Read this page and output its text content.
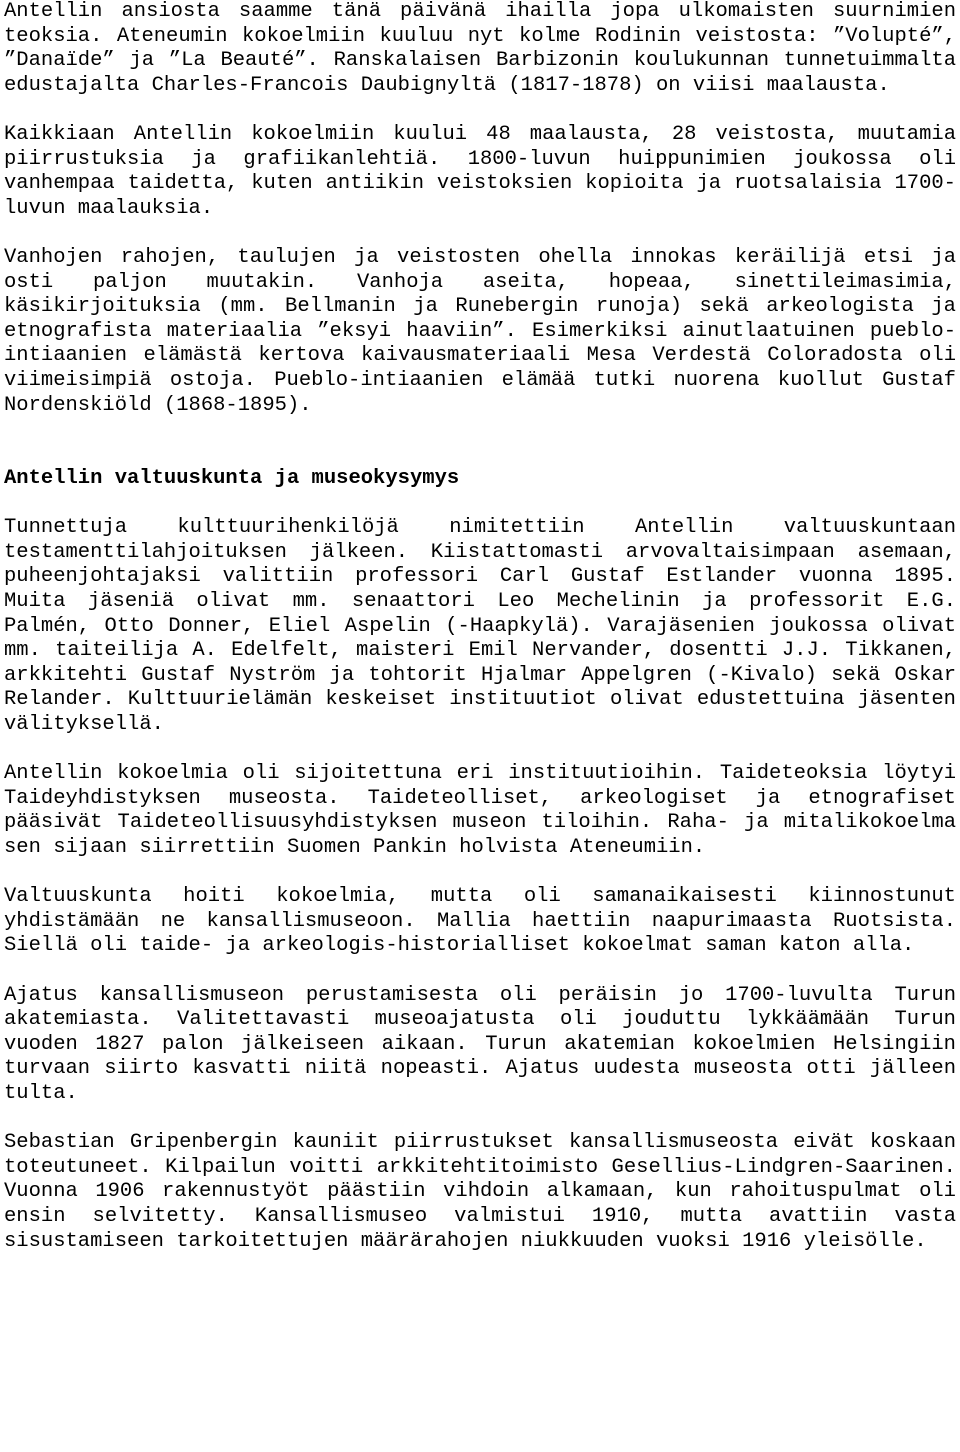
Antellin ansiosta saamme tänä päivänä ihailla jopa ulkomaisten suurnimien teoksia. Ateneumin kokoelmiin kuuluu nyt kolme Rodinin veistosta: ”Volupté”, ”Danaïde” ja ”La Beauté”. Ranskalaisen Barbizonin koulukunnan tunnetuimmalta edustajalta Charles-Francois Daubignyltä (1817-1878) on viisi maalausta.

Kaikkiaan Antellin kokoelmiin kuului 48 maalausta, 28 veistosta, muutamia piirrustuksia ja grafiikanlehtiä. 1800-luvun huippunimien joukossa oli vanhempaa taidetta, kuten antiikin veistoksien kopioita ja ruotsalaisia 1700-luvun maalauksia.

Vanhojen rahojen, taulujen ja veistosten ohella innokas keräilijä etsi ja osti paljon muutakin. Vanhoja aseita, hopeaa, sinettileimasimia, käsikirjoituksia (mm. Bellmanin ja Runebergin runoja) sekä arkeologista ja etnografista materiaalia ”eksyi haaviin”. Esimerkiksi ainutlaatuinen pueblo-intiaanien elämästä kertova kaivausmateriaali Mesa Verdestä Coloradosta oli viimeisimpiä ostoja. Pueblo-intiaanien elämää tutki nuorena kuollut Gustaf Nordenskiöld (1868-1895).

Antellin valtuuskunta ja museokysymys

Tunnettuja kulttuurihenkilöjä nimitettiin Antellin valtuuskuntaan testamenttilahjoituksen jälkeen. Kiistattomasti arvovaltaisimpaan asemaan, puheenjohtajaksi valittiin professori Carl Gustaf Estlander vuonna 1895. Muita jäseniä olivat mm. senaattori Leo Mechelinin ja professorit E.G. Palmén, Otto Donner, Eliel Aspelin (-Haapkylä). Varajäsenien joukossa olivat mm. taiteilija A. Edelfelt, maisteri Emil Nervander, dosentti J.J. Tikkanen, arkkitehti Gustaf Nyström ja tohtorit Hjalmar Appelgren (-Kivalo) sekä Oskar Relander. Kulttuurielämän keskeiset instituutiot olivat edustettuina jäsenten välityksellä.

Antellin kokoelmia oli sijoitettuna eri instituutioihin. Taideteoksia löytyi Taideyhdistyksen museosta. Taideteolliset, arkeologiset ja etnografiset pääsivät Taideteollisuusyhdistyksen museon tiloihin. Raha- ja mitalikokoelma sen sijaan siirrettiin Suomen Pankin holvista Ateneumiin.

Valtuuskunta hoiti kokoelmia, mutta oli samanaikaisesti kiinnostunut yhdistämään ne kansallismuseoon. Mallia haettiin naapurimaasta Ruotsista. Siellä oli taide- ja arkeologis-historialliset kokoelmat saman katon alla.

Ajatus kansallismuseon perustamisesta oli peräisin jo 1700-luvulta Turun akatemiasta. Valitettavasti museoajatusta oli jouduttu lykkäämään Turun vuoden 1827 palon jälkeiseen aikaan. Turun akatemian kokoelmien Helsingiin turvaan siirto kasvatti niitä nopeasti. Ajatus uudesta museosta otti jälleen tulta.

Sebastian Gripenbergin kauniit piirrustukset kansallismuseosta eivät koskaan toteutuneet. Kilpailun voitti arkkitehtitoimisto Gesellius-Lindgren-Saarinen. Vuonna 1906 rakennustyöt päästiin vihdoin alkamaan, kun rahoituspulmat oli ensin selvitetty. Kansallismuseo valmistui 1910, mutta avattiin vasta sisustamiseen tarkoitettujen määrärahojen niukkuuden vuoksi 1916 yleisölle.
